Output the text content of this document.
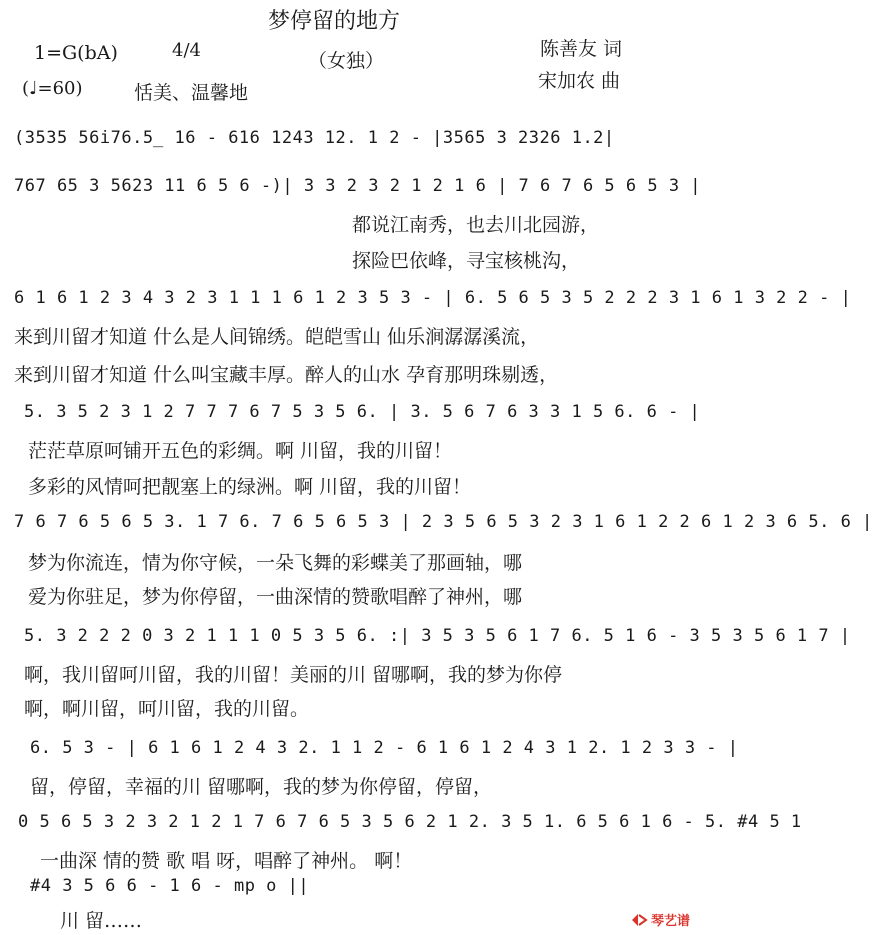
梦停留的地方
（女独）
1=G(bA)	4/4
(♩=60)	恬美、温馨地
陈善友 词
宋加农 曲
(3535 56i76.5̲ 16 - 616 1243 12. 1 2 - |3565 3 2326 1.2|
767 65 3 5623 11 6 5 6 -)| 3 3 2 3 2 1 2 1 6 | 7 6 7 6 5 6 5 3 |
都说江南秀，也去川北园游，
探险巴依峰，寻宝核桃沟，
6 1 6 1 2 3 4 3 2 3 1 1 1 6 1 2 3 5 3 - | 6. 5 6 5 3 5 2 2 2 3 1 6 1 3 2 2 - |
来到川留才知道 什么是人间锦绣。皑皑雪山 仙乐涧潺潺溪流，
来到川留才知道 什么叫宝藏丰厚。醉人的山水 孕育那明珠剔透，
5. 3 5 2 3 1 2 7 7 7 6 7 5 3 5 6. | 3. 5 6 7 6 3 3 1 5 6. 6 - |
茫茫草原呵铺开五色的彩绸。啊 川留，我的川留！
多彩的风情呵把靓塞上的绿洲。啊 川留，我的川留！
7 6 7 6 5 6 5 3. 1 7 6. 7 6 5 6 5 3 | 2 3 5 6 5 3 2 3 1 6 1 2 2 6 1 2 3 6 5. 6 |
梦为你流连，情为你守候，一朵飞舞的彩蝶美了那画轴，哪
爱为你驻足，梦为你停留，一曲深情的赞歌唱醉了神州，哪
5. 3 2 2 2 0 3 2 1 1 1 0 5 3 5 6. :| 3 5 3 5 6 1 7 6. 5 1 6 - 3 5 3 5 6 1 7 |
啊，我川留呵川留，我的川留！美丽的川 留哪啊，我的梦为你停
啊，啊川留，呵川留，我的川留。
6. 5 3 - | 6 1 6 1 2 4 3 2. 1 1 2 - 6 1 6 1 2 4 3 1 2. 1 2 3 3 - |
留，停留，幸福的川 留哪啊，我的梦为你停留，停留，
0 5 6 5 3 2 3 2 1 2 1 7 6 7 6 5 3 5 6 2 1 2. 3 5 1. 6 5 6 1 6 - 5. #4 5 1
一曲深 情的赞 歌 唱 呀，唱醉了神州。 啊！
#4 3 5 6 6 - 1 6 - mp o ||
川 留……	琴艺谱
